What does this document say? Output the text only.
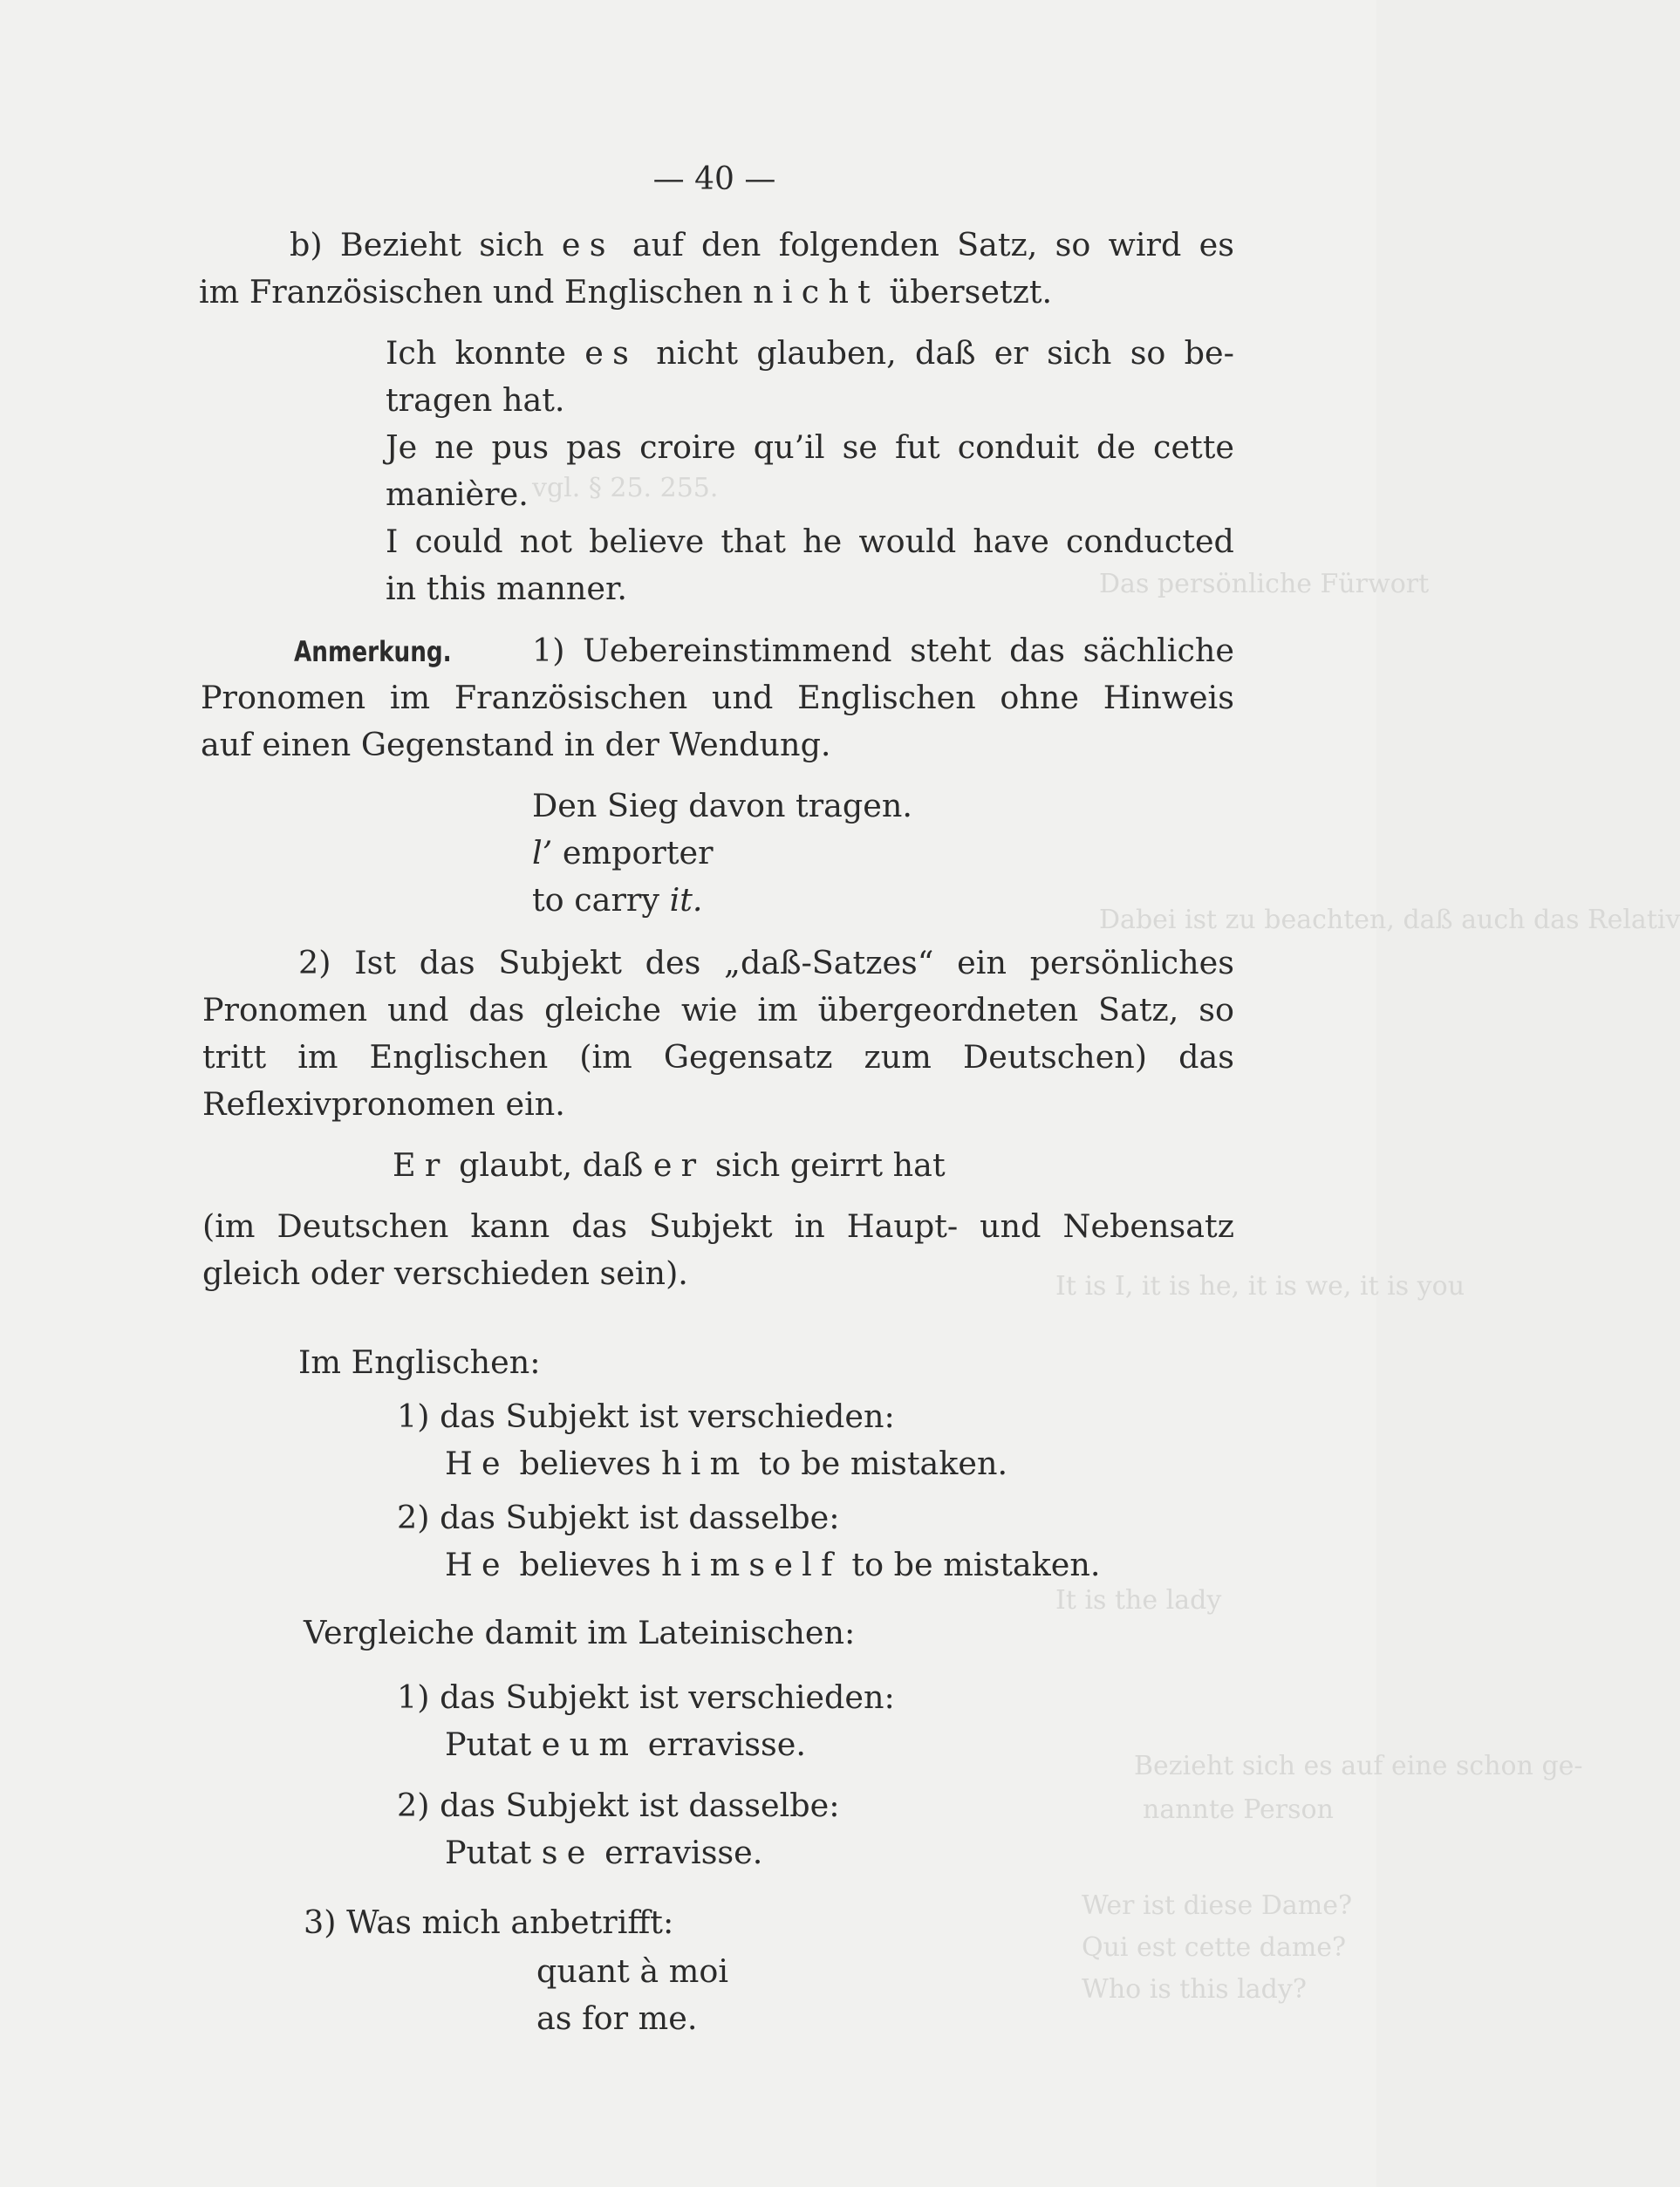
vgl. § 25. 255.
Das persönliche Fürwort
Dabei ist zu beachten, daß auch das Relativ
It is I, it is he, it is we, it is you
It is the lady
Bezieht sich es auf eine schon ge-
nannte Person
Wer ist diese Dame?
Qui est cette dame?
Who is this lady?
— 40 —
b) Bezieht sich es auf den folgenden Satz, so wird es
im Französischen und Englischen nicht übersetzt.
Ich konnte es nicht glauben, daß er sich so be-
tragen hat.
Je ne pus pas croire qu’il se fut conduit de cette
manière.
I could not believe that he would have conducted
in this manner.
Anmerkung.	1) Uebereinstimmend steht das sächliche
Pronomen im Französischen und Englischen ohne Hinweis
auf einen Gegenstand in der Wendung.
Den Sieg davon tragen.
l’ emporter
to carry it.
2) Ist das Subjekt des „daß-Satzes“ ein persönliches
Pronomen und das gleiche wie im übergeordneten Satz, so
tritt im Englischen (im Gegensatz zum Deutschen) das
Reflexivpronomen ein.
Er glaubt, daß er sich geirrt hat
(im Deutschen kann das Subjekt in Haupt- und Nebensatz
gleich oder verschieden sein).
Im Englischen:
1) das Subjekt ist verschieden:
He believes him to be mistaken.
2) das Subjekt ist dasselbe:
He believes himself to be mistaken.
Vergleiche damit im Lateinischen:
1) das Subjekt ist verschieden:
Putat eum erravisse.
2) das Subjekt ist dasselbe:
Putat se erravisse.
3) Was mich anbetrifft:
quant à moi
as for me.
